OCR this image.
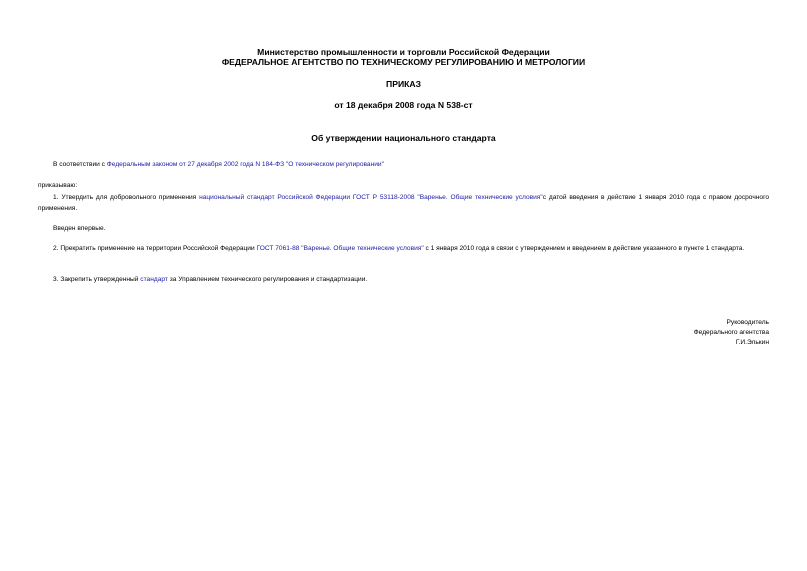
Министерство промышленности и торговли Российской Федерации
ФЕДЕРАЛЬНОЕ АГЕНТСТВО ПО ТЕХНИЧЕСКОМУ РЕГУЛИРОВАНИЮ И МЕТРОЛОГИИ
ПРИКАЗ
от 18 декабря 2008 года N 538-ст
Об утверждении национального стандарта
В соответствии с Федеральным законом от 27 декабря 2002 года N 184-ФЗ "О техническом регулировании"
приказываю:
1. Утвердить для добровольного применения национальный стандарт Российской Федерации ГОСТ Р 53118-2008 "Варенье. Общие технические условия"с датой введения в действие 1 января 2010 года с правом досрочного применения.
Введен впервые.
2. Прекратить применение на территории Российской Федерации ГОСТ 7061-88 "Варенье. Общие технические условия" с 1 января 2010 года в связи с утверждением и введением в действие указанного в пункте 1 стандарта.
3. Закрепить утвержденный стандарт за Управлением технического регулирования и стандартизации.
Руководитель
Федерального агентства
Г.И.Элькин
